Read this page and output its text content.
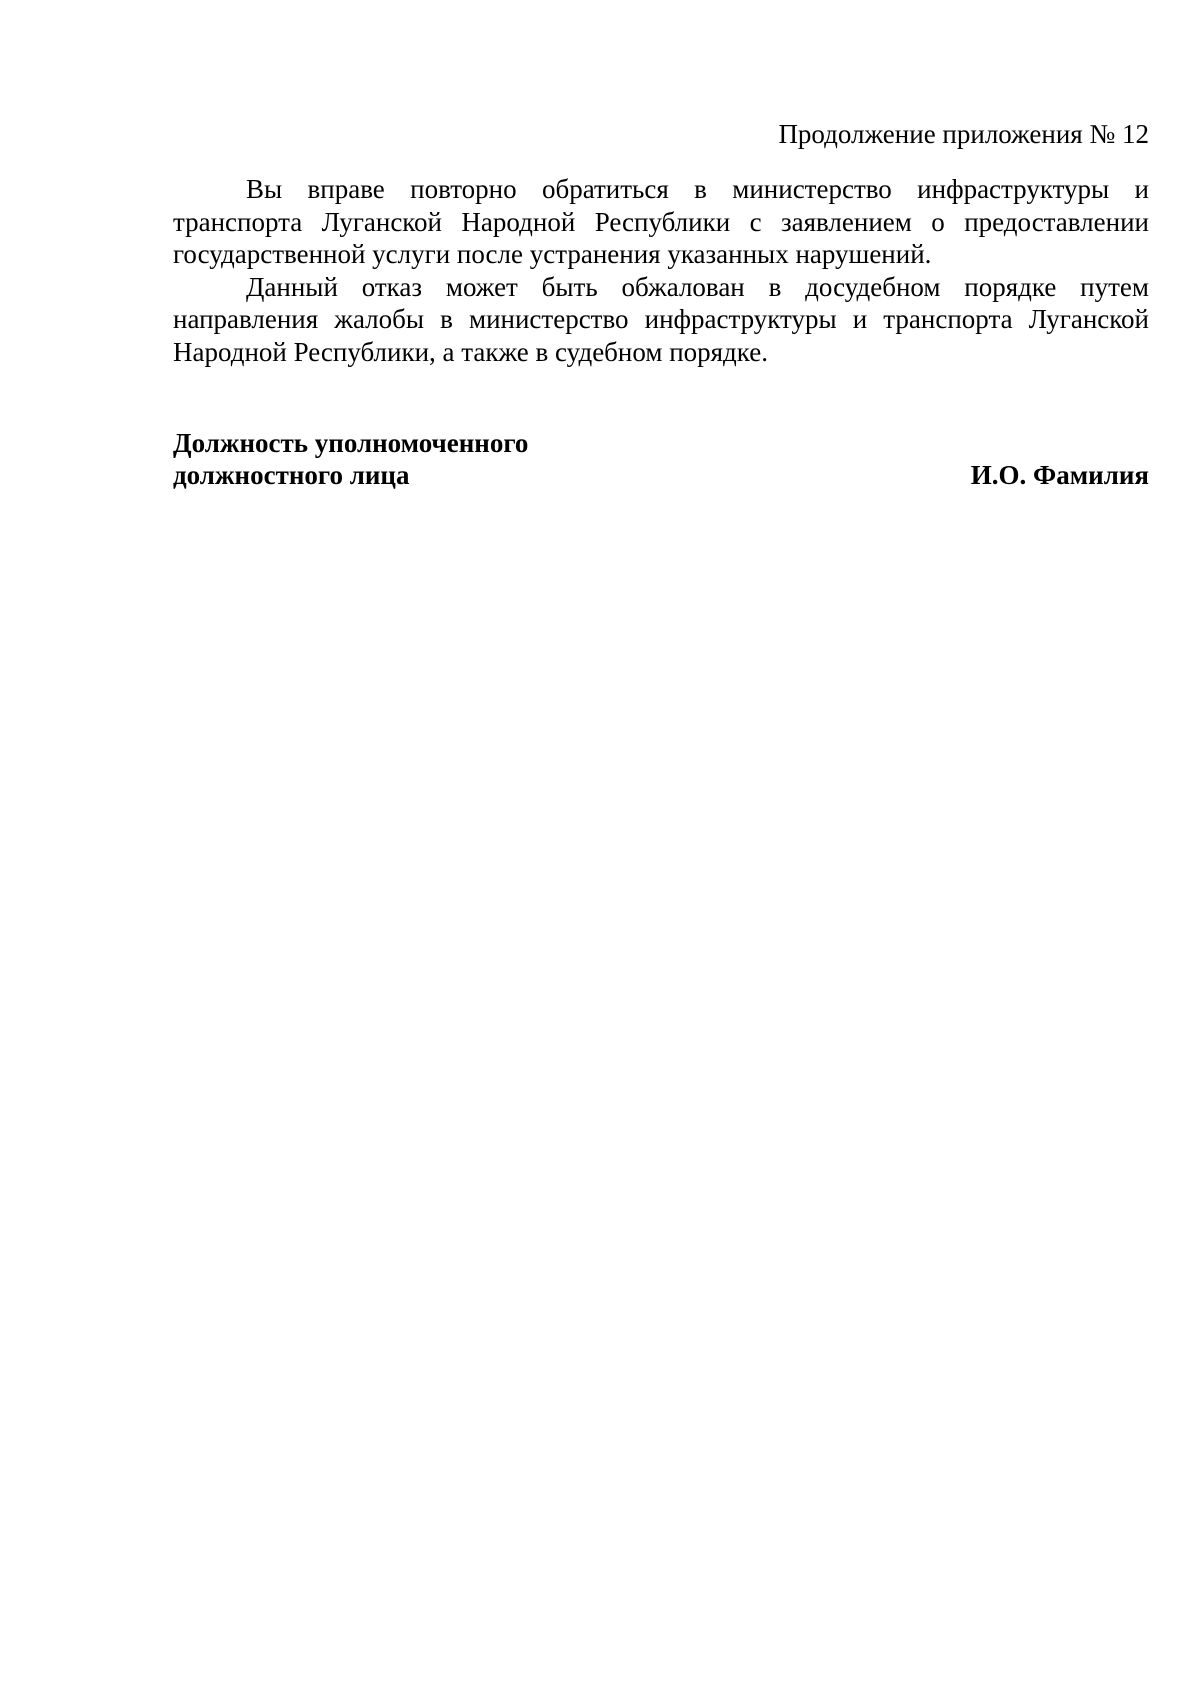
Продолжение приложения № 12

Вы вправе повторно обратиться в министерство инфраструктуры и транспорта Луганской Народной Республики с заявлением о предоставлении государственной услуги после устранения указанных нарушений.

Данный отказ может быть обжалован в досудебном порядке путем направления жалобы в министерство инфраструктуры и транспорта Луганской Народной Республики, а также в судебном порядке.

Должность уполномоченного
должностного лица	И.О. Фамилия
